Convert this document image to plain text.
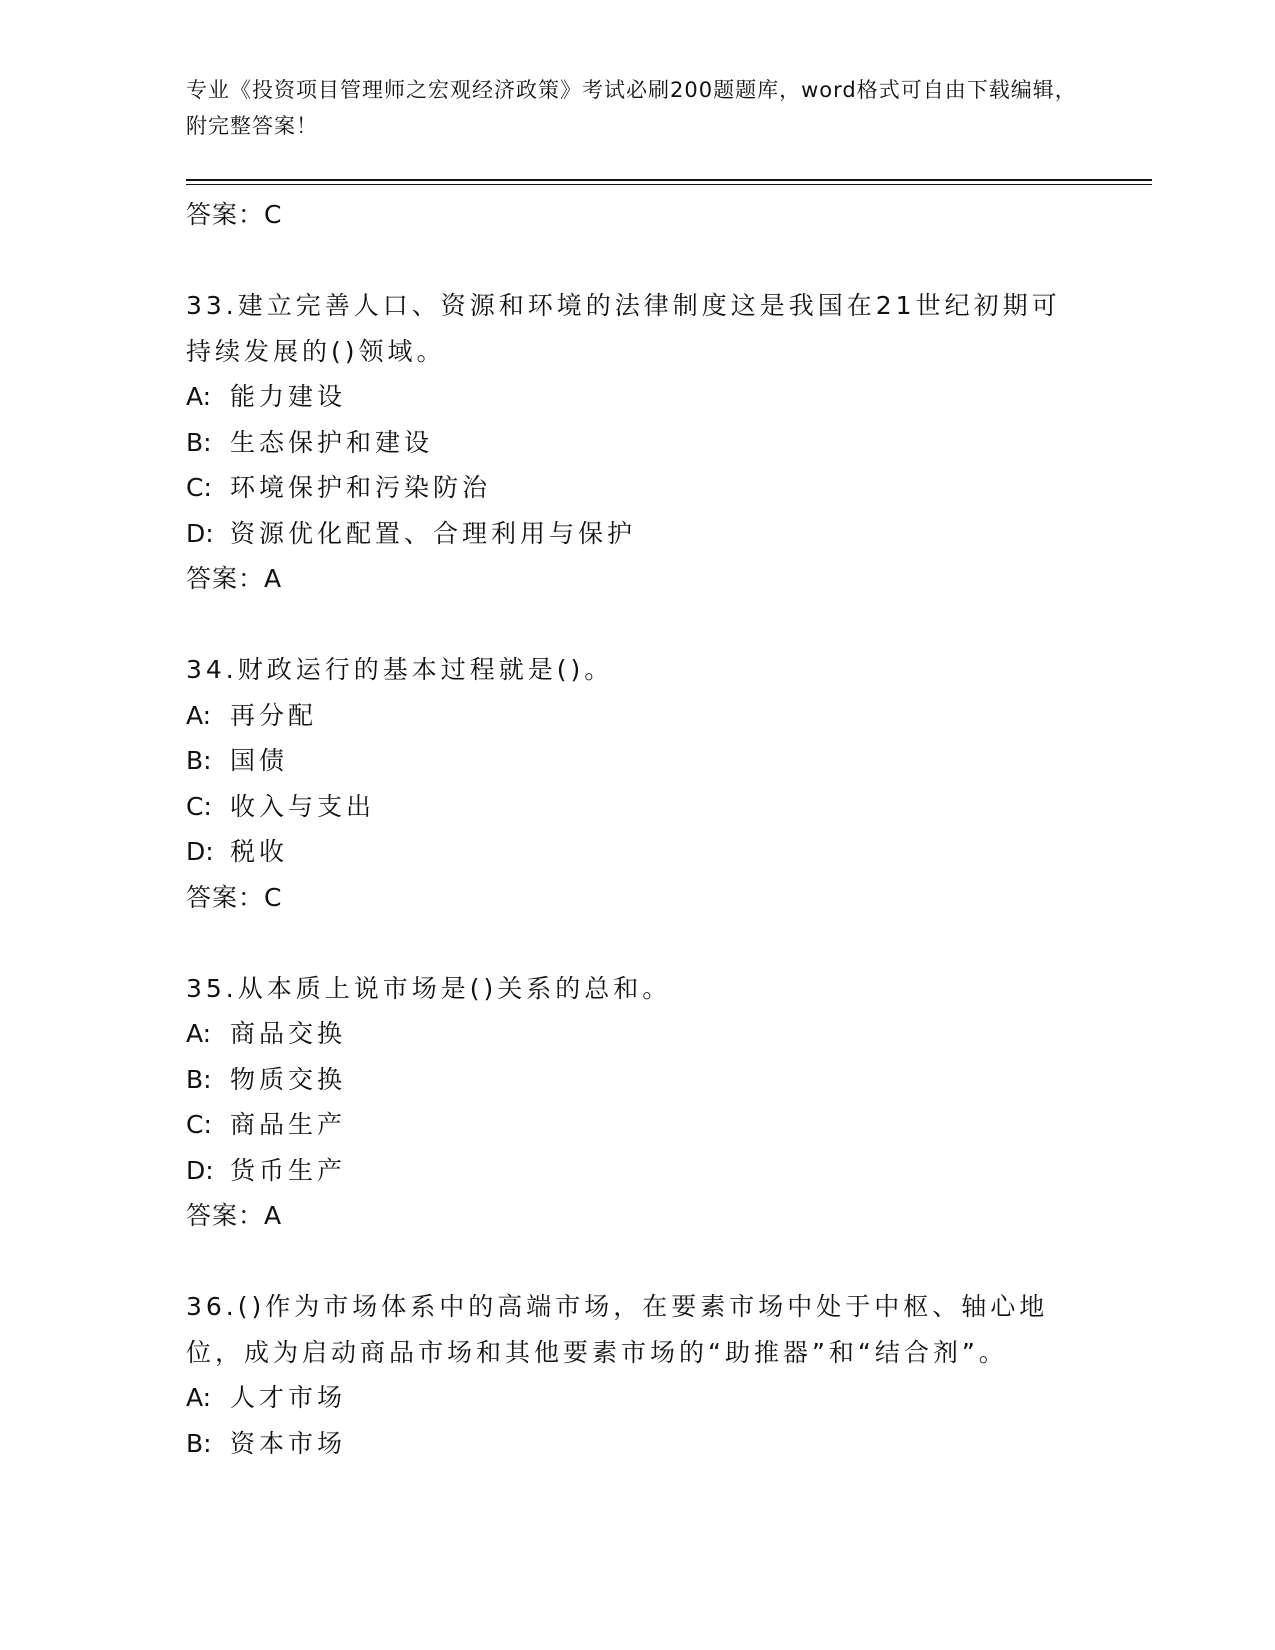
专业《投资项目管理师之宏观经济政策》考试必刷200题题库，word格式可自由下载编辑，附完整答案！
答案：C
33.建立完善人口、资源和环境的法律制度这是我国在21世纪初期可持续发展的()领域。
A: 能力建设
B: 生态保护和建设
C: 环境保护和污染防治
D: 资源优化配置、合理利用与保护
答案：A
34.财政运行的基本过程就是()。
A: 再分配
B: 国债
C: 收入与支出
D: 税收
答案：C
35.从本质上说市场是()关系的总和。
A: 商品交换
B: 物质交换
C: 商品生产
D: 货币生产
答案：A
36.()作为市场体系中的高端市场，在要素市场中处于中枢、轴心地位，成为启动商品市场和其他要素市场的“助推器”和“结合剂”。
A: 人才市场
B: 资本市场
